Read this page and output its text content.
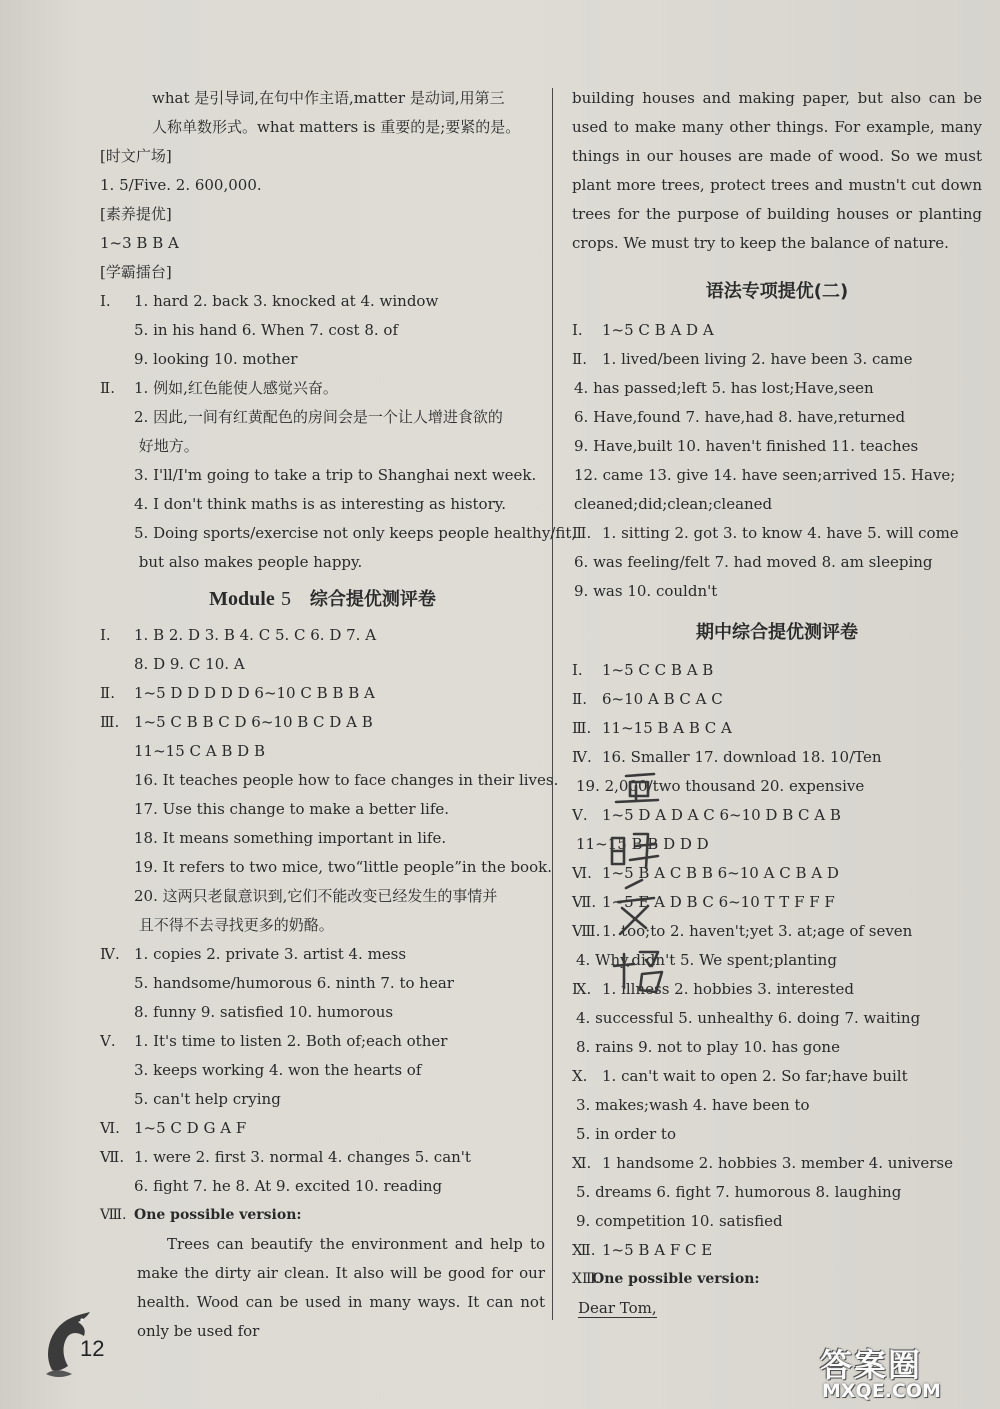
what 是引导词,在句中作主语,matter 是动词,用第三
人称单数形式。what matters is 重要的是;要紧的是。
[时文广场]
1. 5/Five. 2. 600,000.
[素养提优]
1~3 B B A
[学霸擂台]
Ⅰ. 1. hard 2. back 3. knocked at 4. window
5. in his hand 6. When 7. cost 8. of
9. looking 10. mother
Ⅱ. 1. 例如,红色能使人感觉兴奋。
2. 因此,一间有红黄配色的房间会是一个让人增进食欲的
好地方。
3. I'll/I'm going to take a trip to Shanghai next week.
4. I don't think maths is as interesting as history.
5. Doing sports/exercise not only keeps people healthy/fit,
but also makes people happy.
Module 5 综合提优测评卷
Ⅰ. 1. B 2. D 3. B 4. C 5. C 6. D 7. A
8. D 9. C 10. A
Ⅱ. 1~5 D D D D D 6~10 C B B B A
Ⅲ. 1~5 C B B C D 6~10 B C D A B
11~15 C A B D B
16. It teaches people how to face changes in their lives.
17. Use this change to make a better life.
18. It means something important in life.
19. It refers to two mice, two“little people”in the book.
20. 这两只老鼠意识到,它们不能改变已经发生的事情并
且不得不去寻找更多的奶酪。
Ⅳ. 1. copies 2. private 3. artist 4. mess
5. handsome/humorous 6. ninth 7. to hear
8. funny 9. satisfied 10. humorous
Ⅴ. 1. It's time to listen 2. Both of;each other
3. keeps working 4. won the hearts of
5. can't help crying
Ⅵ. 1~5 C D G A F
Ⅶ. 1. were 2. first 3. normal 4. changes 5. can't
6. fight 7. he 8. At 9. excited 10. reading
Ⅷ. One possible version:
Trees can beautify the environment and help to make the dirty air clean. It also will be good for our health. Wood can be used in many ways. It can not only be used for
building houses and making paper, but also can be used to make many other things. For example, many things in our houses are made of wood. So we must plant more trees, protect trees and mustn't cut down trees for the purpose of building houses or planting crops. We must try to keep the balance of nature.
语法专项提优(二)
Ⅰ. 1~5 C B A D A
Ⅱ. 1. lived/been living 2. have been 3. came
4. has passed;left 5. has lost;Have,seen
6. Have,found 7. have,had 8. have,returned
9. Have,built 10. haven't finished 11. teaches
12. came 13. give 14. have seen;arrived 15. Have;
cleaned;did;clean;cleaned
Ⅲ. 1. sitting 2. got 3. to know 4. have 5. will come
6. was feeling/felt 7. had moved 8. am sleeping
9. was 10. couldn't
期中综合提优测评卷
Ⅰ. 1~5 C C B A B
Ⅱ. 6~10 A B C A C
Ⅲ. 11~15 B A B C A
Ⅳ. 16. Smaller 17. download 18. 10/Ten
19. 2,000/two thousand 20. expensive
Ⅴ. 1~5 D A D A C 6~10 D B C A B
11~15 B B D D D
Ⅵ. 1~5 B A C B B 6~10 A C B A D
Ⅶ. 1~5 E A D B C 6~10 T T F F F
Ⅷ. 1. too;to 2. haven't;yet 3. at;age of seven
4. Why,didn't 5. We spent;planting
Ⅸ. 1. illness 2. hobbies 3. interested
4. successful 5. unhealthy 6. doing 7. waiting
8. rains 9. not to play 10. has gone
Ⅹ. 1. can't wait to open 2. So far;have built
3. makes;wash 4. have been to
5. in order to
Ⅺ. 1 handsome 2. hobbies 3. member 4. universe
5. dreams 6. fight 7. humorous 8. laughing
9. competition 10. satisfied
Ⅻ. 1~5 B A F C E
ⅩⅢ.One possible version:
Dear Tom,
12	答案圈
MXQE.COM
